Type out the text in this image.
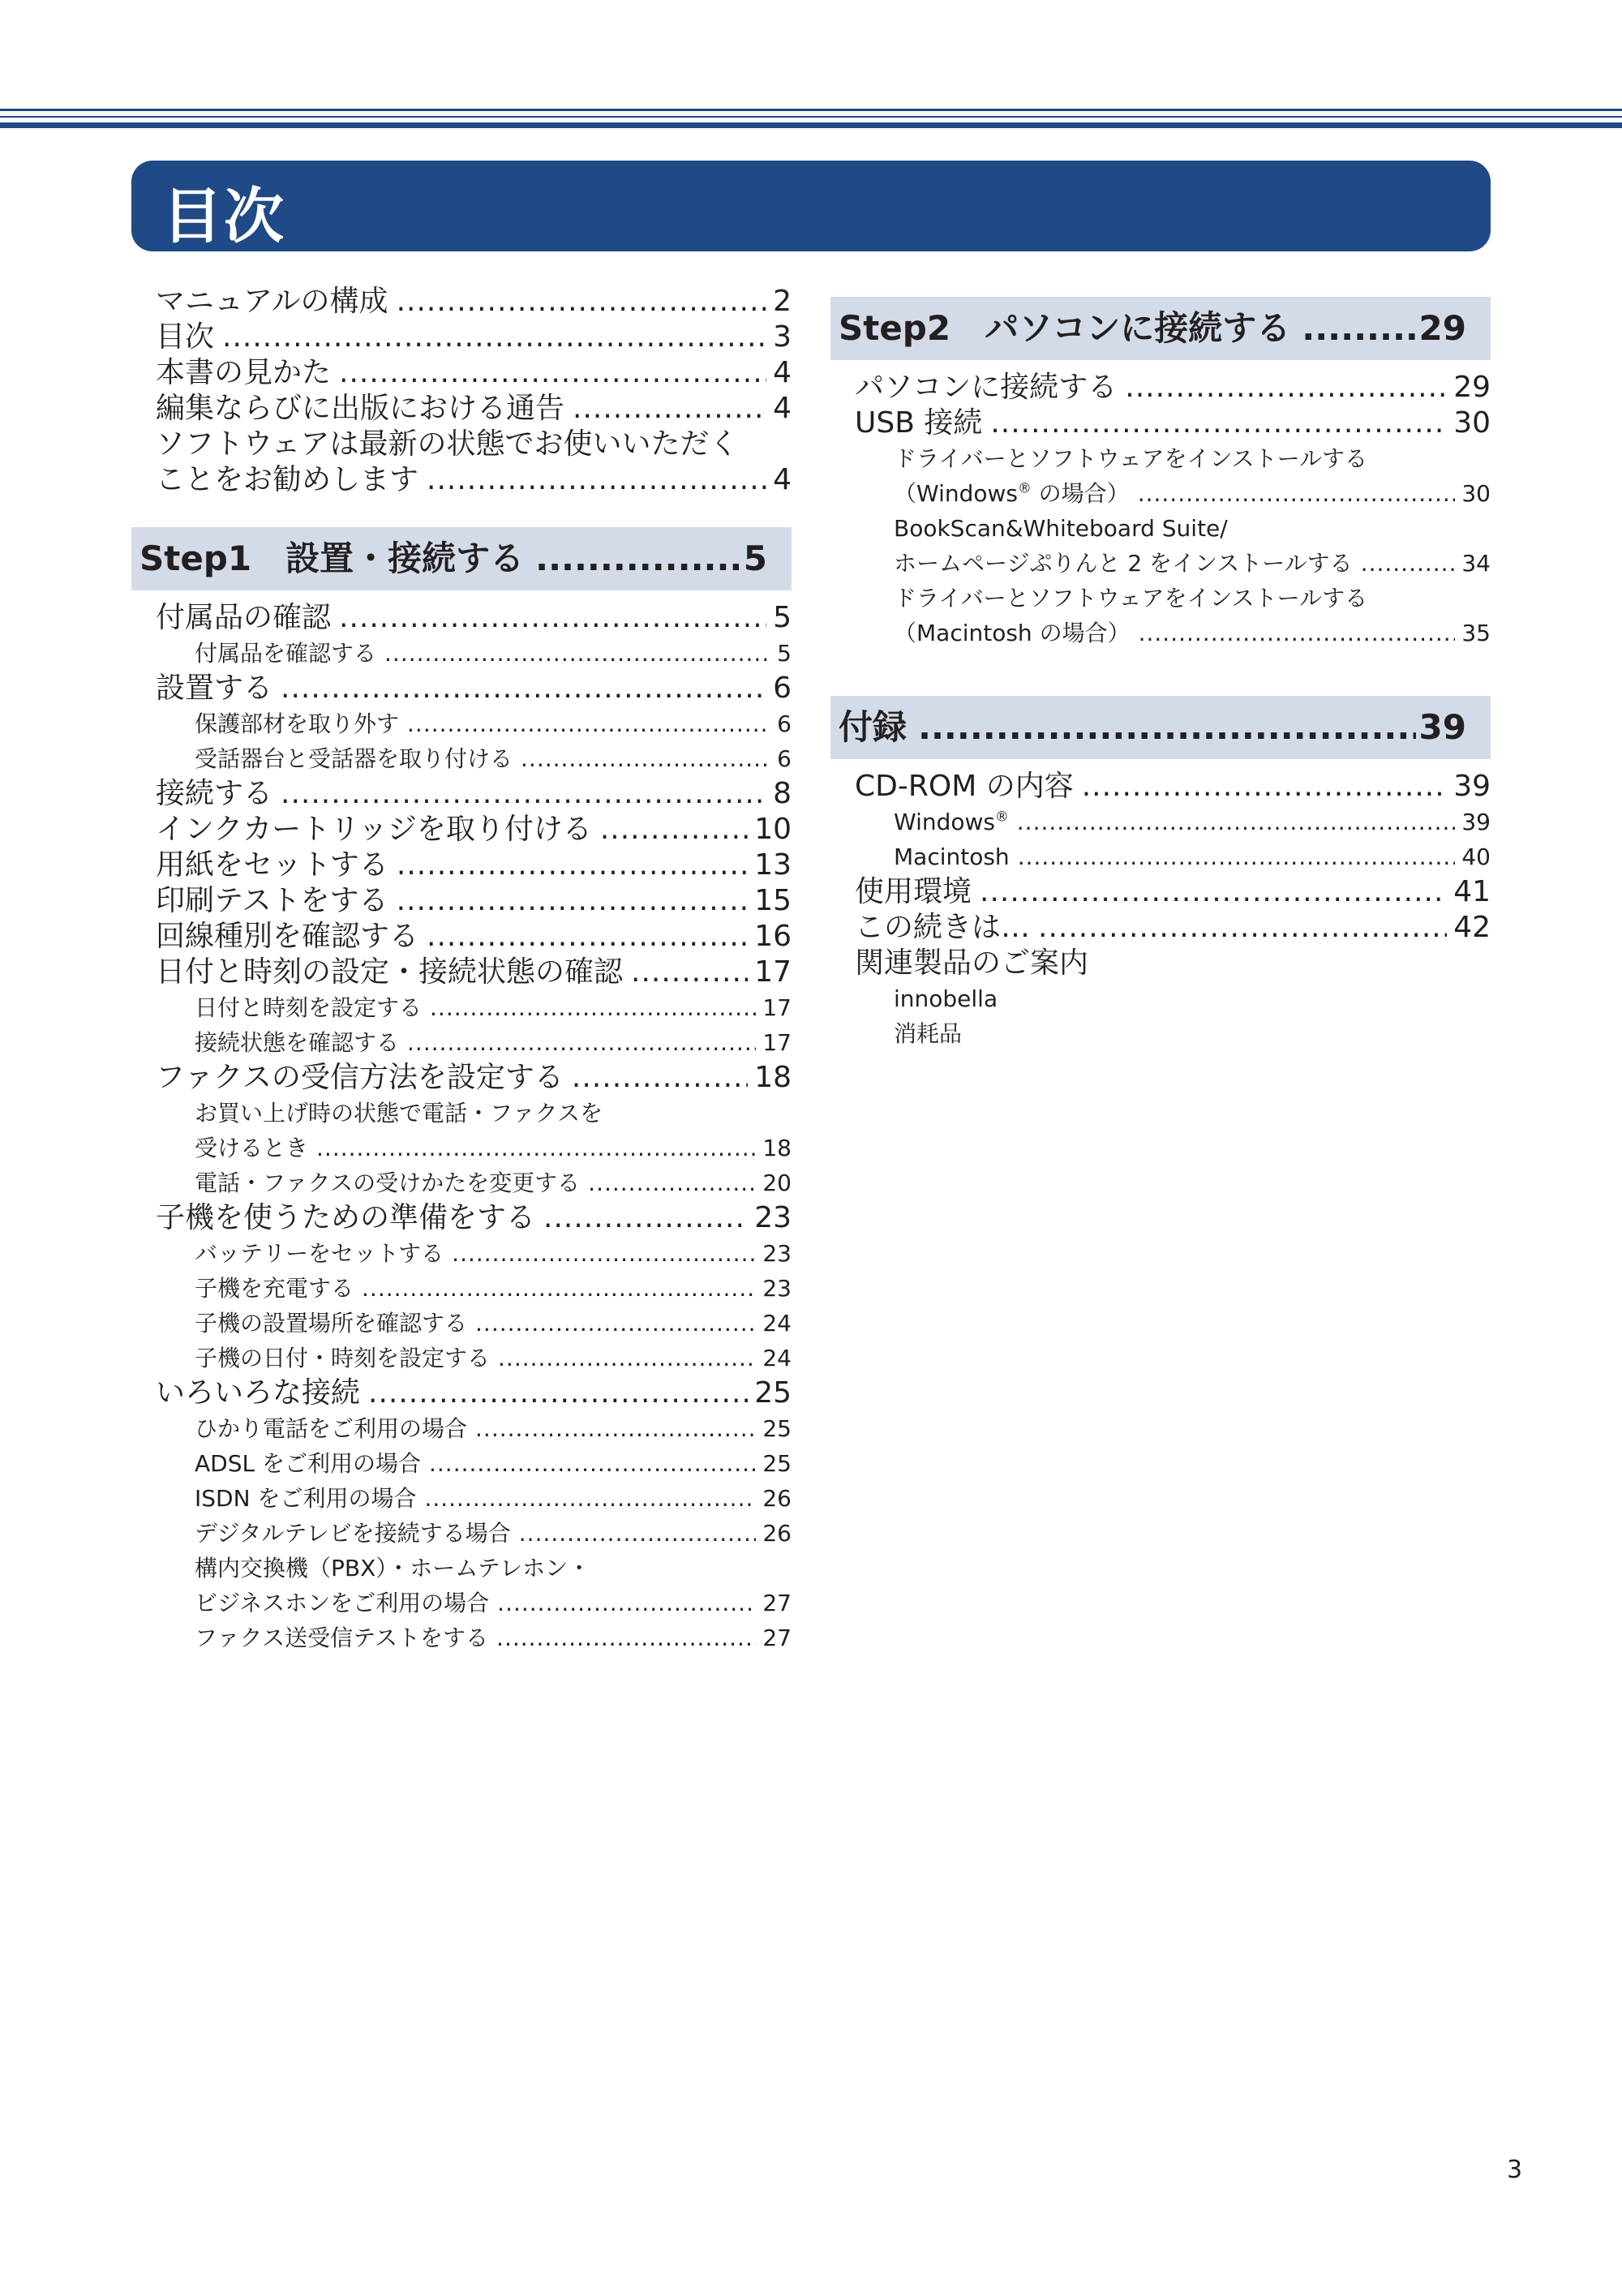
目次
マニュアルの構成 .....	2
目次 .....	3
本書の見かた .....	4
編集ならびに出版における通告 .....	4
ソフトウェアは最新の状態でお使いいただく
ことをお勧めします .....	4
Step1　設置・接続する .....	5
付属品の確認 .....	5
付属品を確認する .....	5
設置する .....	6
保護部材を取り外す .....	6
受話器台と受話器を取り付ける .....	6
接続する .....	8
インクカートリッジを取り付ける .....	10
用紙をセットする .....	13
印刷テストをする .....	15
回線種別を確認する .....	16
日付と時刻の設定・接続状態の確認 .....	17
日付と時刻を設定する .....	17
接続状態を確認する .....	17
ファクスの受信方法を設定する .....	18
お買い上げ時の状態で電話・ファクスを
受けるとき .....	18
電話・ファクスの受けかたを変更する .....	20
子機を使うための準備をする .....	23
バッテリーをセットする .....	23
子機を充電する .....	23
子機の設置場所を確認する .....	24
子機の日付・時刻を設定する .....	24
いろいろな接続 .....	25
ひかり電話をご利用の場合 .....	25
ADSL をご利用の場合 .....	25
ISDN をご利用の場合 .....	26
デジタルテレビを接続する場合 .....	26
構内交換機（PBX）・ホームテレホン・
ビジネスホンをご利用の場合 .....	27
ファクス送受信テストをする .....	27
Step2　パソコンに接続する .....	29
パソコンに接続する .....	29
USB 接続 .....	30
ドライバーとソフトウェアをインストールする
（Windows® の場合） .....	30
BookScan&Whiteboard Suite/
ホームページぷりんと 2 をインストールする .....	34
ドライバーとソフトウェアをインストールする
（Macintosh の場合） .....	35
付録 .....	39
CD-ROM の内容 .....	39
Windows® .....	39
Macintosh .....	40
使用環境 .....	41
この続きは… .....	42
関連製品のご案内
innobella
消耗品
3
